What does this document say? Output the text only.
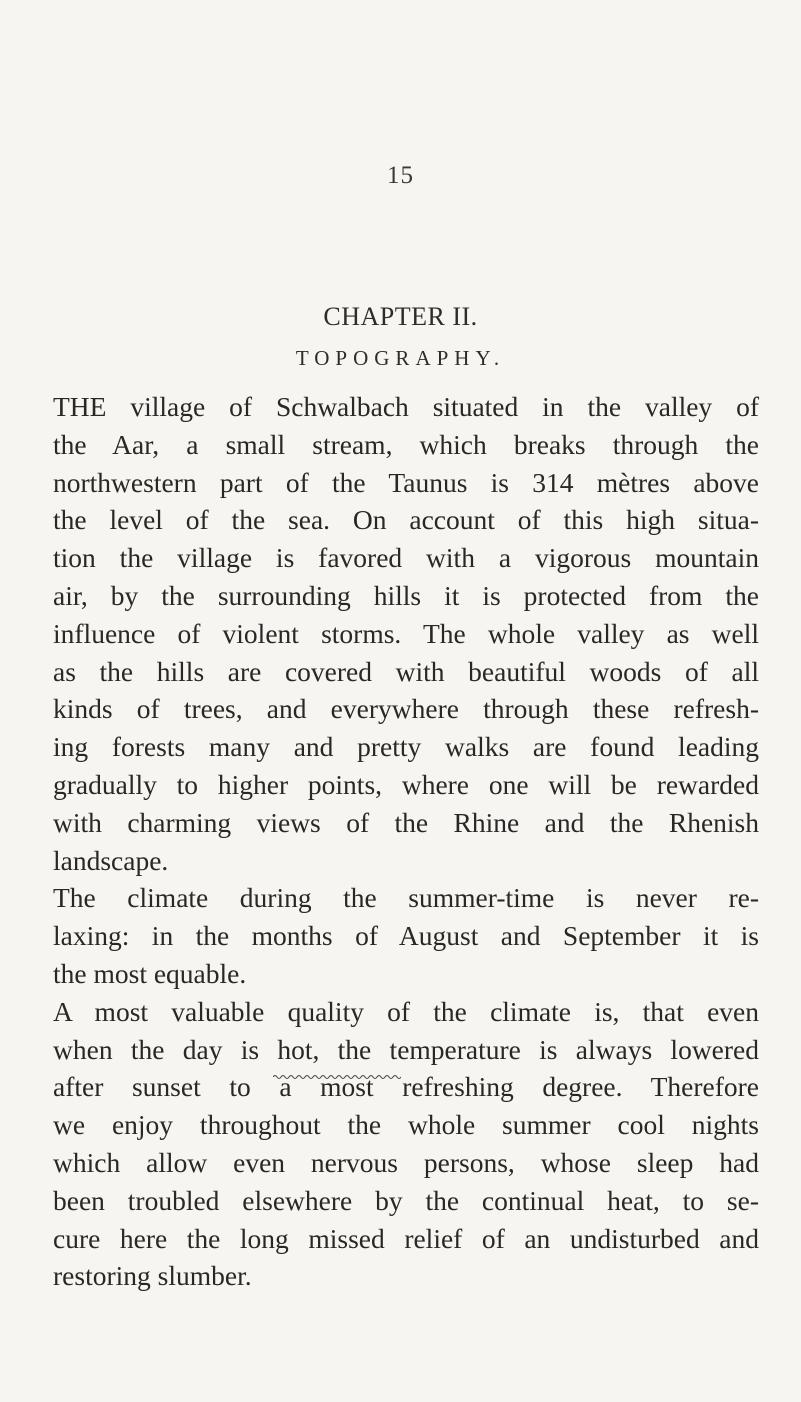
15
CHAPTER II.
TOPOGRAPHY.
THE village of Schwalbach situated in the valley of
the Aar, a small stream, which breaks through the
northwestern part of the Taunus is 314 mètres above
the level of the sea. On account of this high situa-
tion the village is favored with a vigorous mountain
air, by the surrounding hills it is protected from the
influence of violent storms. The whole valley as well
as the hills are covered with beautiful woods of all
kinds of trees, and everywhere through these refresh-
ing forests many and pretty walks are found leading
gradually to higher points, where one will be rewarded
with charming views of the Rhine and the Rhenish
landscape.
The climate during the summer-time is never re-
laxing: in the months of August and September it is
the most equable.
A most valuable quality of the climate is, that even
when the day is hot, the temperature is always lowered
after sunset to a most refreshing degree. Therefore
we enjoy throughout the whole summer cool nights
which allow even nervous persons, whose sleep had
been troubled elsewhere by the continual heat, to se-
cure here the long missed relief of an undisturbed and
restoring slumber.
